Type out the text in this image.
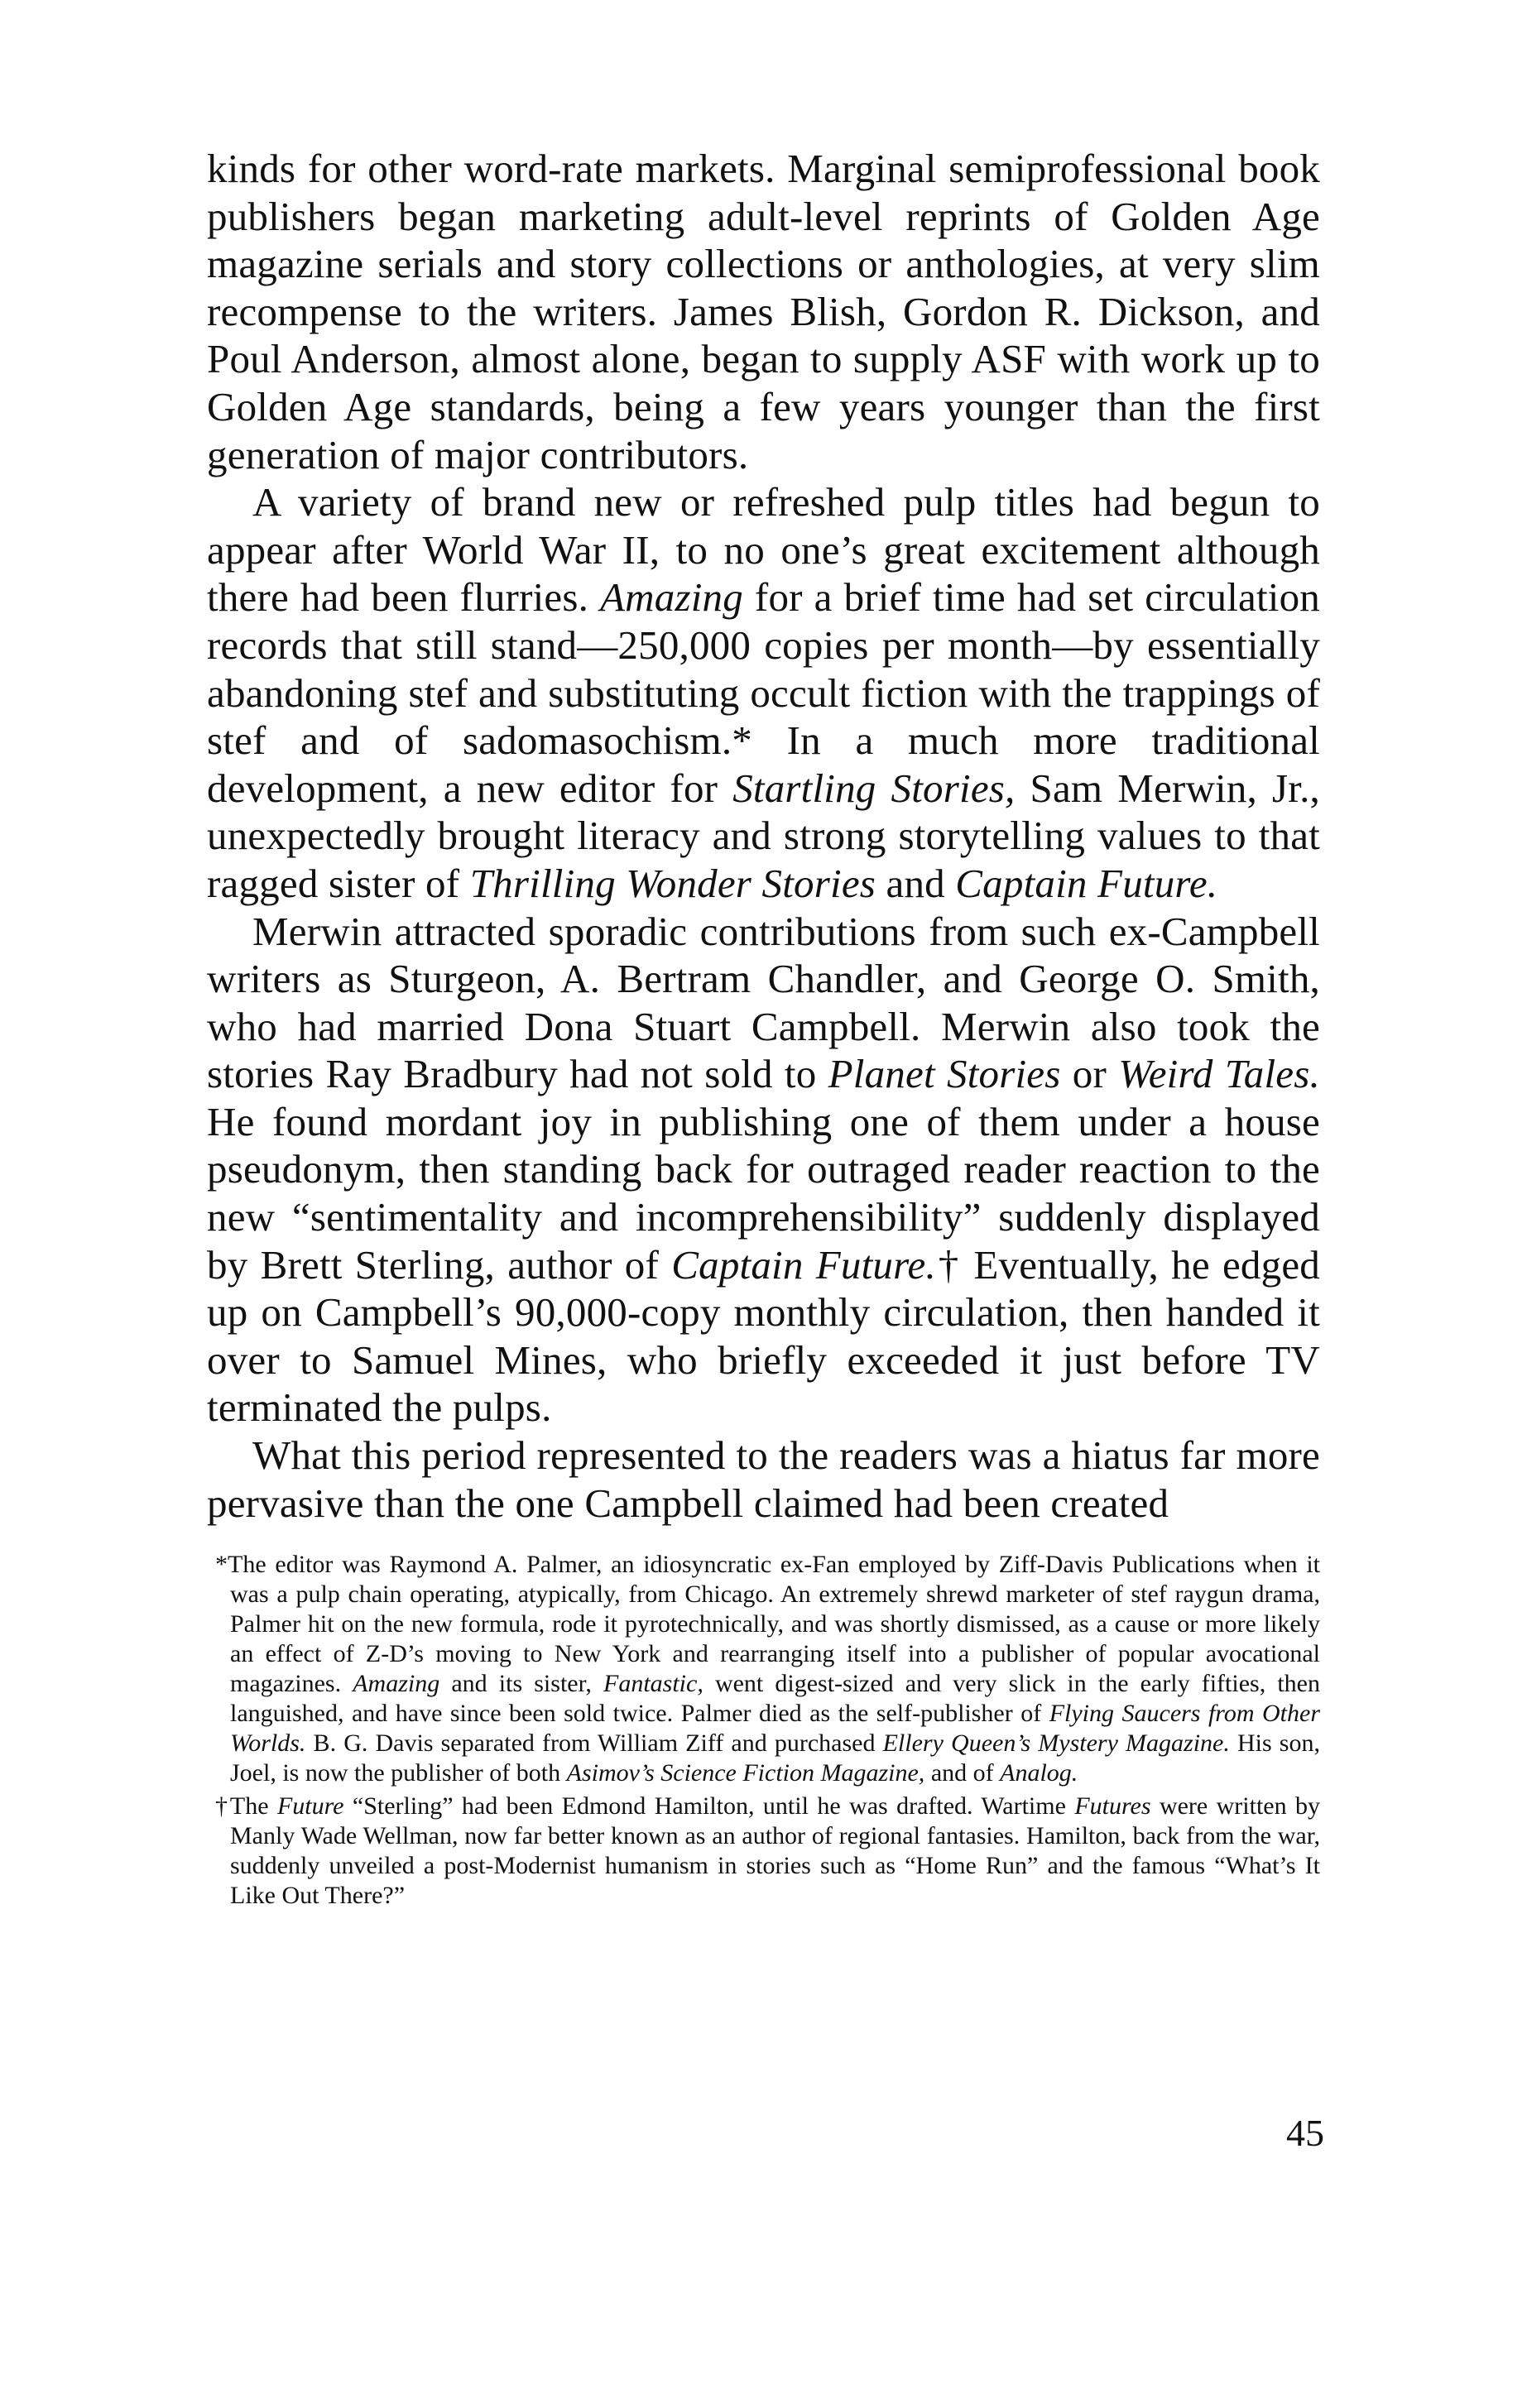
kinds for other word-rate markets. Marginal semiprofessional book publishers began marketing adult-level reprints of Golden Age magazine serials and story collections or anthologies, at very slim recompense to the writers. James Blish, Gordon R. Dickson, and Poul Anderson, almost alone, began to supply ASF with work up to Golden Age standards, being a few years younger than the first generation of major contributors.

A variety of brand new or refreshed pulp titles had begun to appear after World War II, to no one’s great excitement although there had been flurries. Amazing for a brief time had set circulation records that still stand—250,000 copies per month—by essentially abandoning stef and substituting occult fiction with the trappings of stef and of sadomasochism.* In a much more traditional development, a new editor for Startling Stories, Sam Merwin, Jr., unexpectedly brought literacy and strong storytelling values to that ragged sister of Thrilling Wonder Stories and Captain Future.

Merwin attracted sporadic contributions from such ex-Campbell writers as Sturgeon, A. Bertram Chandler, and George O. Smith, who had married Dona Stuart Campbell. Merwin also took the stories Ray Bradbury had not sold to Planet Stories or Weird Tales. He found mordant joy in publishing one of them under a house pseudonym, then standing back for outraged reader reaction to the new “sentimentality and incomprehensibility” suddenly displayed by Brett Sterling, author of Captain Future.† Eventually, he edged up on Campbell’s 90,000-copy monthly circulation, then handed it over to Samuel Mines, who briefly exceeded it just before TV terminated the pulps.

What this period represented to the readers was a hiatus far more pervasive than the one Campbell claimed had been created

*The editor was Raymond A. Palmer, an idiosyncratic ex-Fan employed by Ziff-Davis Publications when it was a pulp chain operating, atypically, from Chicago. An extremely shrewd marketer of stef raygun drama, Palmer hit on the new formula, rode it pyrotechnically, and was shortly dismissed, as a cause or more likely an effect of Z-D’s moving to New York and rearranging itself into a publisher of popular avocational magazines. Amazing and its sister, Fantastic, went digest-sized and very slick in the early fifties, then languished, and have since been sold twice. Palmer died as the self-publisher of Flying Saucers from Other Worlds. B. G. Davis separated from William Ziff and purchased Ellery Queen’s Mystery Magazine. His son, Joel, is now the publisher of both Asimov’s Science Fiction Magazine, and of Analog.

†The Future “Sterling” had been Edmond Hamilton, until he was drafted. Wartime Futures were written by Manly Wade Wellman, now far better known as an author of regional fantasies. Hamilton, back from the war, suddenly unveiled a post-Modernist humanism in stories such as “Home Run” and the famous “What’s It Like Out There?”

45
